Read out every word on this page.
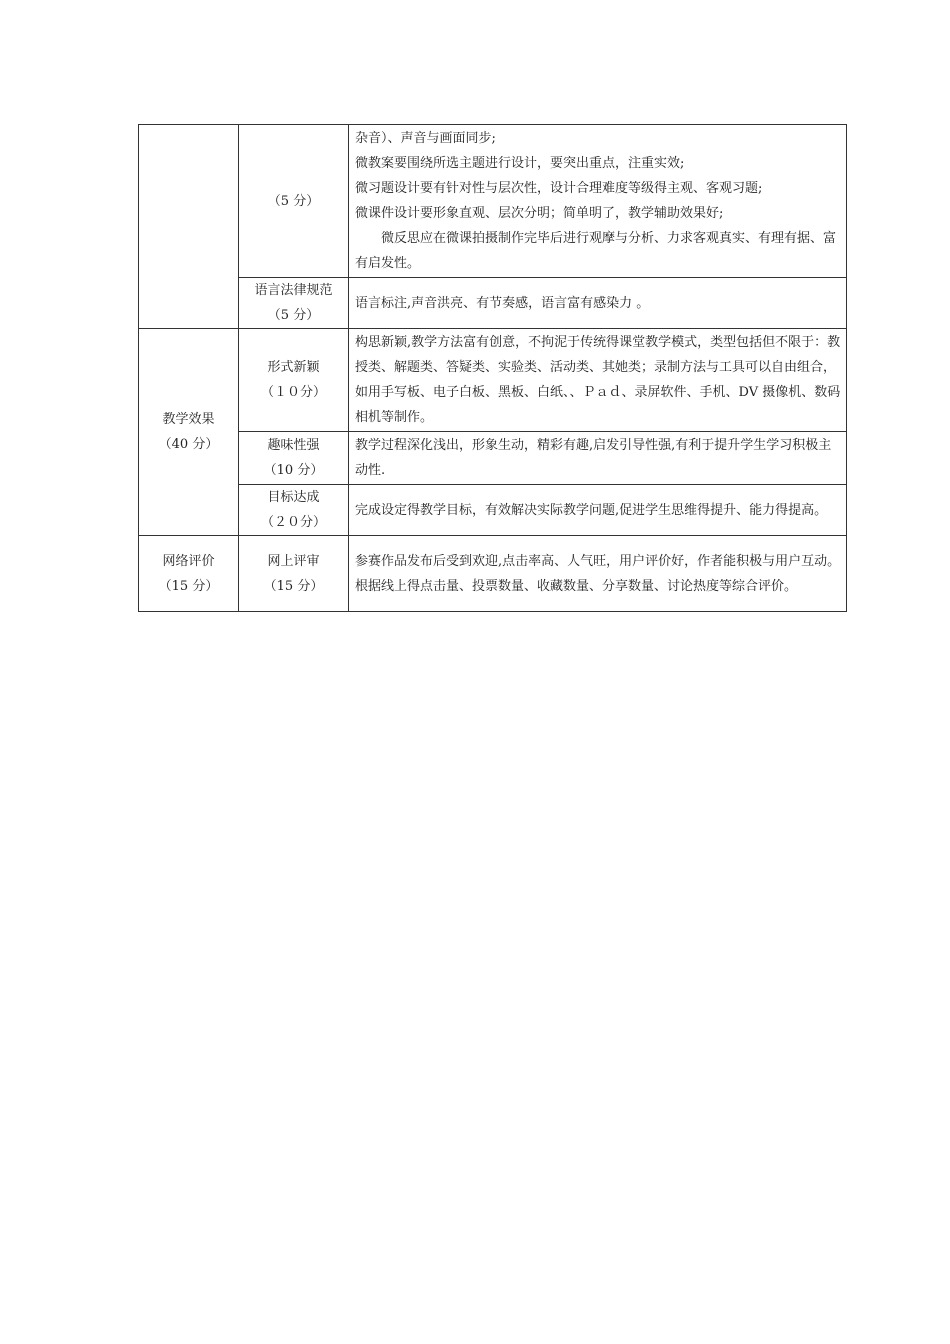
	（5 分）	杂音）、声音与画面同步;
微教案要围绕所选主题进行设计，要突出重点，注重实效;
微习题设计要有针对性与层次性，设计合理难度等级得主观、客观习题;
微课件设计要形象直观、层次分明；简单明了，教学辅助效果好;
微反思应在微课拍摄制作完毕后进行观摩与分析、力求客观真实、有理有据、富有启发性。

	语言法律规范
（5 分）	语言标注,声音洪亮、有节奏感，语言富有感染力 。

教学效果
（40 分）	形式新颖
（１０分）	构思新颖,教学方法富有创意，不拘泥于传统得课堂教学模式，类型包括但不限于：教授类、解题类、答疑类、实验类、活动类、其她类；录制方法与工具可以自由组合，如用手写板、电子白板、黑板、白纸、、Ｐａｄ、录屏软件、手机、DV 摄像机、数码相机等制作。

	趣味性强
（10 分）	教学过程深化浅出，形象生动，精彩有趣,启发引导性强,有利于提升学生学习积极主动性.

	目标达成
（２０分）	完成设定得教学目标，有效解决实际教学问题,促进学生思维得提升、能力得提高。

网络评价
（15 分）	网上评审
（15 分）	参赛作品发布后受到欢迎,点击率高、人气旺，用户评价好，作者能积极与用户互动。根据线上得点击量、投票数量、收藏数量、分享数量、讨论热度等综合评价。
